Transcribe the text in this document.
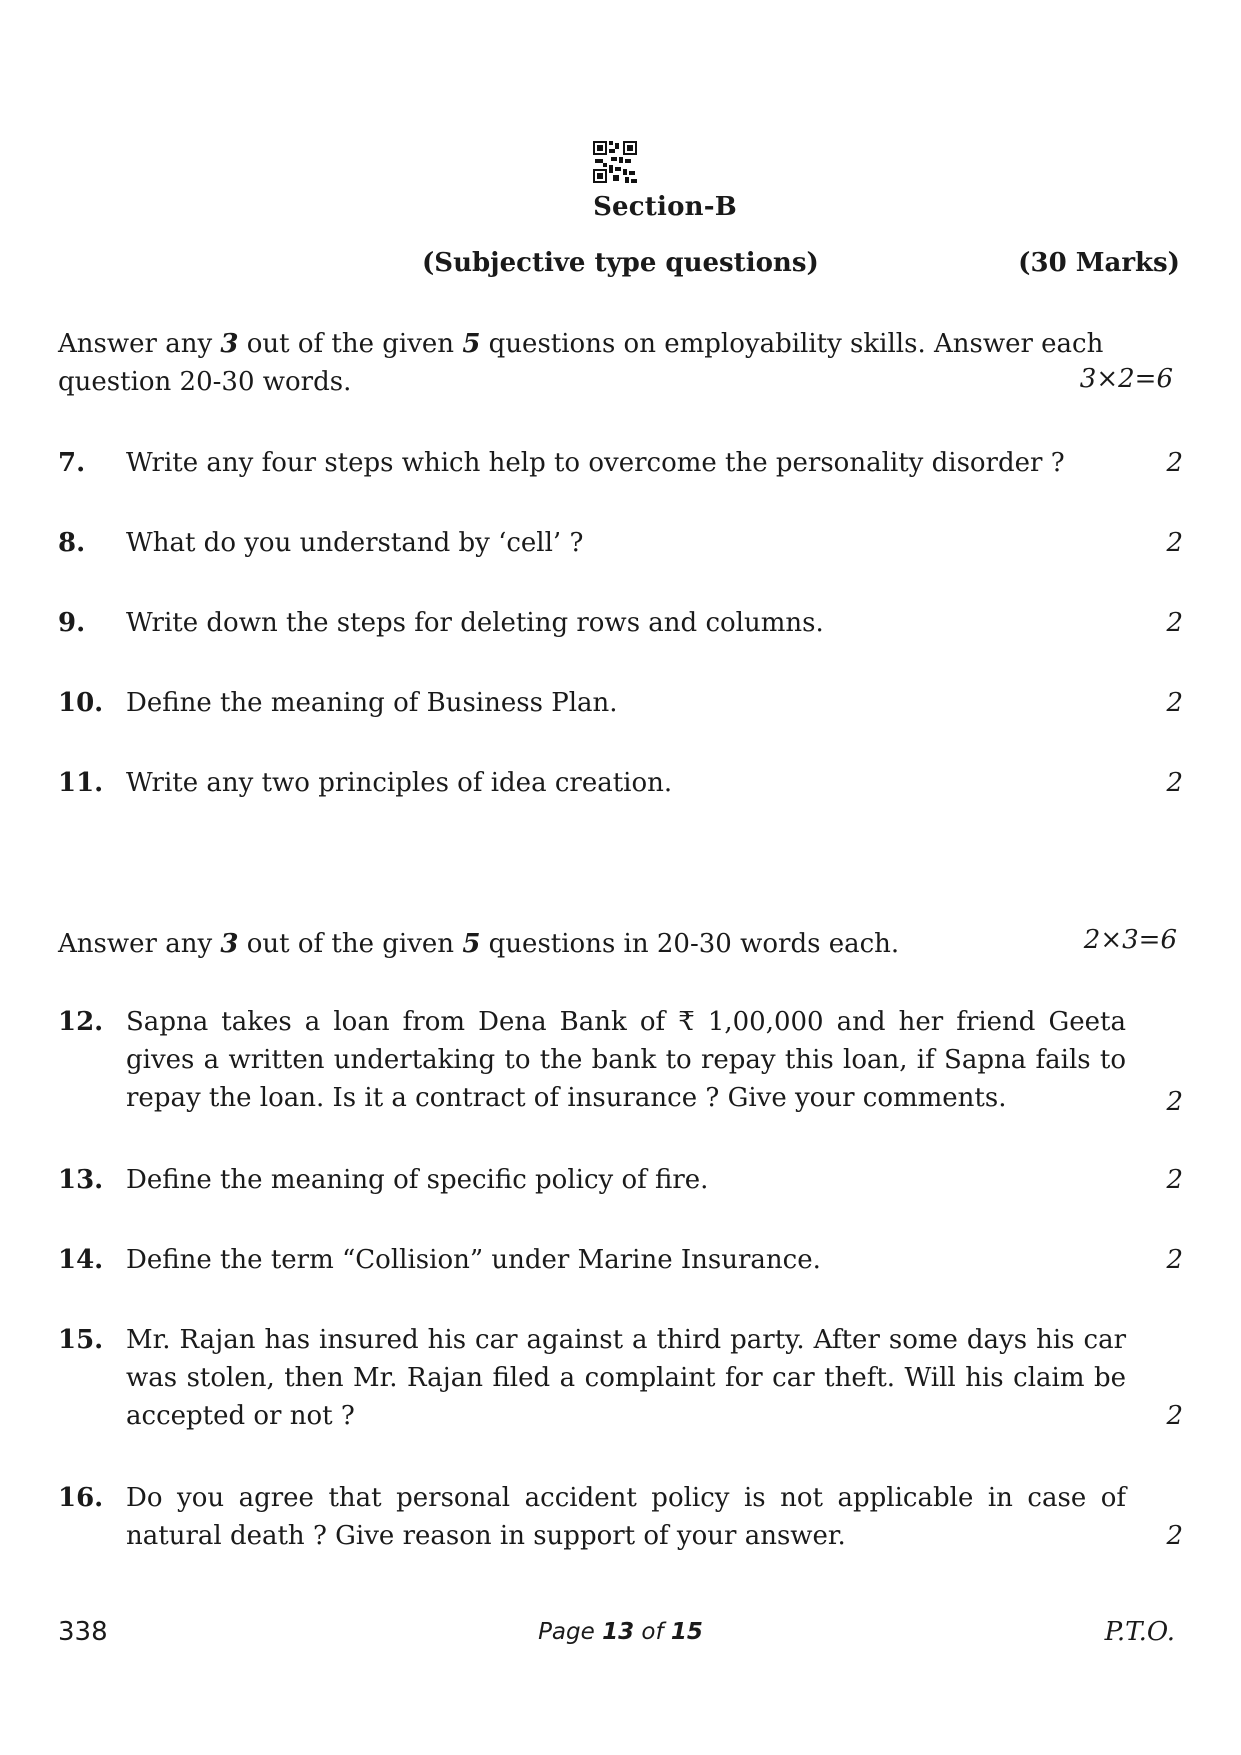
Section-B
(Subjective type questions)	(30 Marks)
Answer any 3 out of the given 5 questions on employability skills. Answer each question 20-30 words.	3×2=6
7. Write any four steps which help to overcome the personality disorder ?	2
8. What do you understand by ‘cell’ ?	2
9. Write down the steps for deleting rows and columns.	2
10. Define the meaning of Business Plan.	2
11. Write any two principles of idea creation.	2
Answer any 3 out of the given 5 questions in 20-30 words each.	2×3=6
12. Sapna takes a loan from Dena Bank of ₹ 1,00,000 and her friend Geeta gives a written undertaking to the bank to repay this loan, if Sapna fails to repay the loan. Is it a contract of insurance ? Give your comments.	2
13. Define the meaning of specific policy of fire.	2
14. Define the term “Collision” under Marine Insurance.	2
15. Mr. Rajan has insured his car against a third party. After some days his car was stolen, then Mr. Rajan filed a complaint for car theft. Will his claim be accepted or not ?	2
16. Do you agree that personal accident policy is not applicable in case of natural death ? Give reason in support of your answer.	2
338	Page 13 of 15	P.T.O.
